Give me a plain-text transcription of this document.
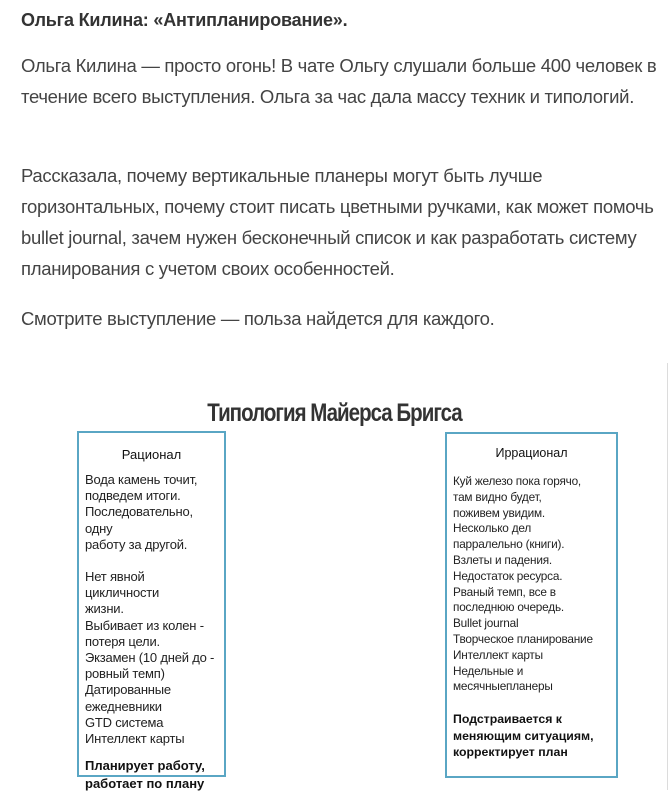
Ольга Килина: «Антипланирование».
Ольга Килина — просто огонь! В чате Ольгу слушали больше 400 человек в течение всего выступления. Ольга за час дала массу техник и типологий.
Рассказала, почему вертикальные планеры могут быть лучше горизонтальных, почему стоит писать цветными ручками, как может помочь bullet journal, зачем нужен бесконечный список и как разработать систему планирования с учетом своих особенностей.
Смотрите выступление — польза найдется для каждого.
Типология Майерса Бригса
Рационал
Вода камень точит,
подведем итоги.
Последовательно, одну
работу за другой.
Нет явной цикличности
жизни.
Выбивает из колен -
потеря цели.
Экзамен (10 дней до -
ровный темп)
Датированные
ежедневники
GTD система
Интеллект карты
Планирует работу,
работает по плану
Иррационал
Куй железо пока горячо,
там видно будет,
поживем увидим.
Несколько дел
парралельно (книги).
Взлеты и падения.
Недостаток ресурса.
Рваный темп, все в
последнюю очередь.
Bullet journal
Творческое планирование
Интеллект карты
Недельные и
месячныепланеры
Подстраивается к
меняющим ситуациям,
корректирует план
